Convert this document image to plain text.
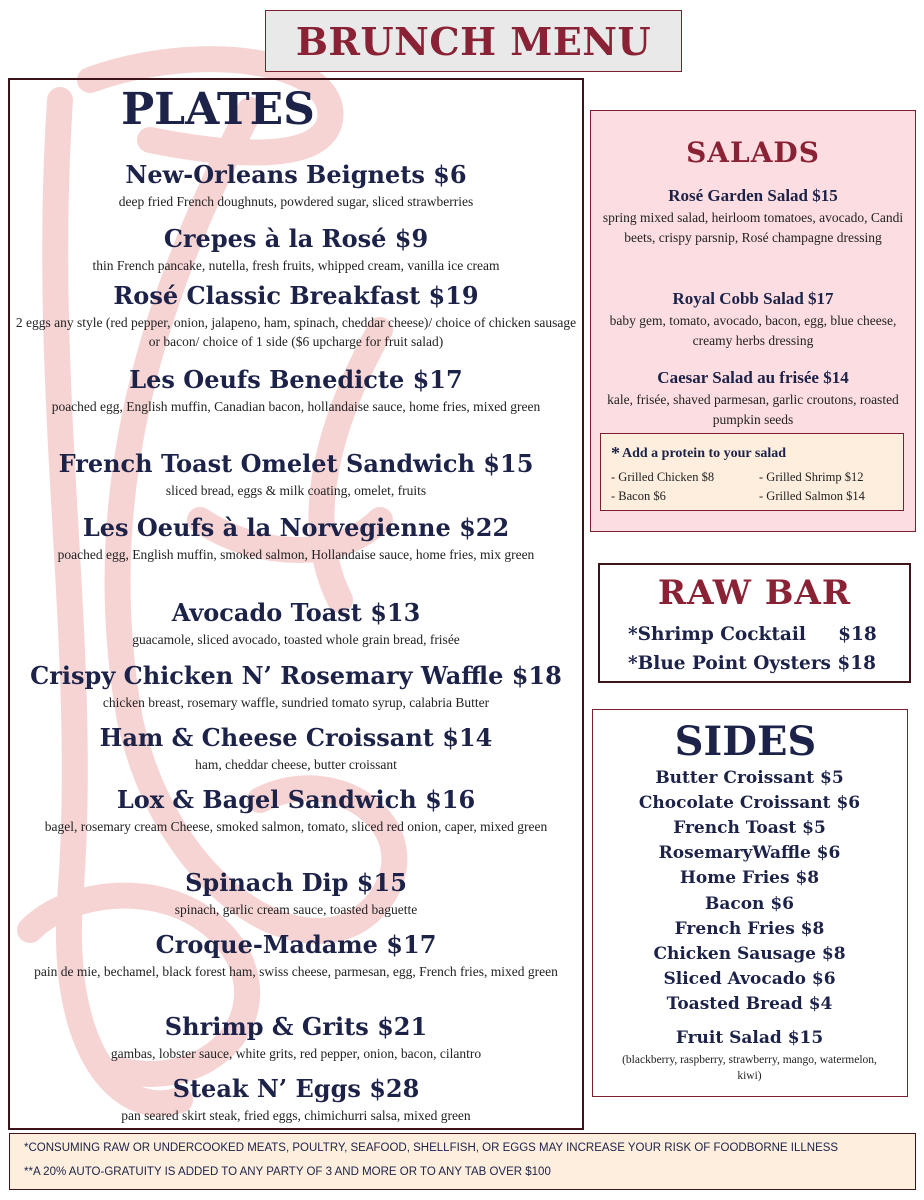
BRUNCH MENU
PLATES
New-Orleans Beignets $6
deep fried French doughnuts, powdered sugar, sliced strawberries
Crepes à la Rosé $9
thin French pancake, nutella, fresh fruits, whipped cream, vanilla ice cream
Rosé Classic Breakfast $19
2 eggs any style (red pepper, onion, jalapeno, ham, spinach, cheddar cheese)/ choice of chicken sausage or bacon/ choice of 1 side ($6 upcharge for fruit salad)
Les Oeufs Benedicte $17
poached egg, English muffin, Canadian bacon, hollandaise sauce, home fries, mixed green
French Toast Omelet Sandwich $15
sliced bread, eggs & milk coating, omelet, fruits
Les Oeufs à la Norvegienne $22
poached egg, English muffin, smoked salmon, Hollandaise sauce, home fries, mix green
Avocado Toast $13
guacamole, sliced avocado, toasted whole grain bread, frisée
Crispy Chicken N’ Rosemary Waffle $18
chicken breast, rosemary waffle, sundried tomato syrup, calabria Butter
Ham & Cheese Croissant $14
ham, cheddar cheese, butter croissant
Lox & Bagel Sandwich $16
bagel, rosemary cream Cheese, smoked salmon, tomato, sliced red onion, caper, mixed green
Spinach Dip $15
spinach, garlic cream sauce, toasted baguette
Croque-Madame $17
pain de mie, bechamel, black forest ham, swiss cheese, parmesan, egg, French fries, mixed green
Shrimp & Grits $21
gambas, lobster sauce, white grits, red pepper, onion, bacon, cilantro
Steak N’ Eggs $28
pan seared skirt steak, fried eggs, chimichurri salsa, mixed green
SALADS
Rosé Garden Salad $15
spring mixed salad, heirloom tomatoes, avocado, Candi beets, crispy parsnip, Rosé champagne dressing
Royal Cobb Salad $17
baby gem, tomato, avocado, bacon, egg, blue cheese, creamy herbs dressing
Caesar Salad au frisée $14
kale, frisée, shaved parmesan, garlic croutons, roasted pumpkin seeds
* Add a protein to your salad
- Grilled Chicken $8
- Bacon $6
- Grilled Shrimp $12
- Grilled Salmon $14
RAW BAR
*Shrimp Cocktail     $18
*Blue Point Oysters $18
SIDES
Butter Croissant $5
Chocolate Croissant $6
French Toast $5
RosemaryWaffle $6
Home Fries $8
Bacon $6
French Fries $8
Chicken Sausage $8
Sliced Avocado $6
Toasted Bread $4
Fruit Salad $15
(blackberry, raspberry, strawberry, mango, watermelon, kiwi)
*CONSUMING RAW OR UNDERCOOKED MEATS, POULTRY, SEAFOOD, SHELLFISH, OR EGGS MAY INCREASE YOUR RISK OF FOODBORNE ILLNESS
**A 20% AUTO-GRATUITY IS ADDED TO ANY PARTY OF 3 AND MORE OR TO ANY TAB OVER $100
